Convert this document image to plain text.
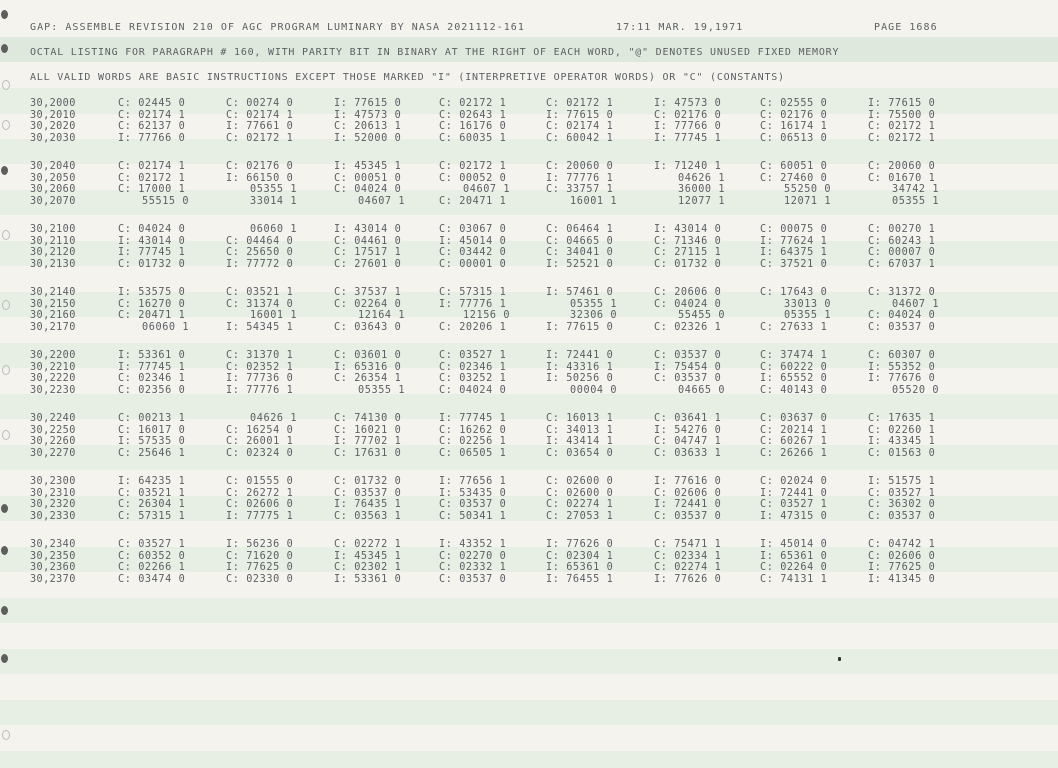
GAP: ASSEMBLE REVISION 210 OF AGC PROGRAM LUMINARY BY NASA 2021112-161

	17:11 MAR. 19,1971

	PAGE 1686

OCTAL LISTING FOR PARAGRAPH # 160, WITH PARITY BIT IN BINARY AT THE RIGHT OF EACH WORD, "@" DENOTES UNUSED FIXED MEMORY
ALL VALID WORDS ARE BASIC INSTRUCTIONS EXCEPT THOSE MARKED "I" (INTERPRETIVE OPERATOR WORDS) OR "C" (CONSTANTS)
30,2000	C: 02445 0	C: 00274 0	I: 77615 0	C: 02172 1	C: 02172 1	I: 47573 0	C: 02555 0	I: 77615 0
30,2010	C: 02174 1	C: 02174 1	I: 47573 0	C: 02643 1	I: 77615 0	C: 02176 0	C: 02176 0	I: 75500 0
30,2020	C: 62137 0	I: 77661 0	C: 20613 1	C: 16176 0	C: 02174 1	I: 77766 0	C: 16174 1	C: 02172 1
30,2030	I: 77766 0	C: 02172 1	I: 52000 0	C: 60035 1	C: 60042 1	I: 77745 1	C: 06513 0	C: 02172 1
30,2040	C: 02174 1	C: 02176 0	I: 45345 1	C: 02172 1	C: 20060 0	I: 71240 1	C: 60051 0	C: 20060 0
30,2050	C: 02172 1	I: 66150 0	C: 00051 0	C: 00052 0	I: 77776 1	04626 1	C: 27460 0	C: 01670 1
30,2060	C: 17000 1	05355 1	C: 04024 0	04607 1	C: 33757 1	36000 1	55250 0	34742 1
30,2070	55515 0	33014 1	04607 1	C: 20471 1	16001 1	12077 1	12071 1	05355 1
30,2100	C: 04024 0	06060 1	I: 43014 0	C: 03067 0	C: 06464 1	I: 43014 0	C: 00075 0	C: 00270 1
30,2110	I: 43014 0	C: 04464 0	C: 04461 0	I: 45014 0	C: 04665 0	C: 71346 0	I: 77624 1	C: 60243 1
30,2120	I: 77745 1	C: 25650 0	C: 17517 1	C: 03442 0	C: 34041 0	C: 27115 1	I: 64375 1	C: 00007 0
30,2130	C: 01732 0	I: 77772 0	C: 27601 0	C: 00001 0	I: 52521 0	C: 01732 0	C: 37521 0	C: 67037 1
30,2140	I: 53575 0	C: 03521 1	C: 37537 1	C: 57315 1	I: 57461 0	C: 20606 0	C: 17643 0	C: 31372 0
30,2150	C: 16270 0	C: 31374 0	C: 02264 0	I: 77776 1	05355 1	C: 04024 0	33013 0	04607 1
30,2160	C: 20471 1	16001 1	12164 1	12156 0	32306 0	55455 0	05355 1	C: 04024 0
30,2170	06060 1	I: 54345 1	C: 03643 0	C: 20206 1	I: 77615 0	C: 02326 1	C: 27633 1	C: 03537 0
30,2200	I: 53361 0	C: 31370 1	C: 03601 0	C: 03527 1	I: 72441 0	C: 03537 0	C: 37474 1	C: 60307 0
30,2210	I: 77745 1	C: 02352 1	I: 65316 0	C: 02346 1	I: 43316 1	I: 75454 0	C: 60222 0	I: 55352 0
30,2220	C: 02346 1	I: 77736 0	C: 26354 1	C: 03252 1	I: 50256 0	C: 03537 0	I: 65552 0	I: 77676 0
30,2230	C: 02356 0	I: 77776 1	05355 1	C: 04024 0	00004 0	04665 0	C: 40143 0	05520 0
30,2240	C: 00213 1	04626 1	C: 74130 0	I: 77745 1	C: 16013 1	C: 03641 1	C: 03637 0	C: 17635 1
30,2250	C: 16017 0	C: 16254 0	C: 16021 0	C: 16262 0	C: 34013 1	I: 54276 0	C: 20214 1	C: 02260 1
30,2260	I: 57535 0	C: 26001 1	I: 77702 1	C: 02256 1	I: 43414 1	C: 04747 1	C: 60267 1	I: 43345 1
30,2270	C: 25646 1	C: 02324 0	C: 17631 0	C: 06505 1	C: 03654 0	C: 03633 1	C: 26266 1	C: 01563 0
30,2300	I: 64235 1	C: 01555 0	C: 01732 0	I: 77656 1	C: 02600 0	I: 77616 0	C: 02024 0	I: 51575 1
30,2310	C: 03521 1	C: 26272 1	C: 03537 0	I: 53435 0	C: 02600 0	C: 02606 0	I: 72441 0	C: 03527 1
30,2320	C: 26304 1	C: 02606 0	I: 76435 1	C: 03537 0	C: 02274 1	I: 72441 0	C: 03527 1	C: 36302 0
30,2330	C: 57315 1	I: 77775 1	C: 03563 1	C: 50341 1	C: 27053 1	C: 03537 0	I: 47315 0	C: 03537 0
30,2340	C: 03527 1	I: 56236 0	C: 02272 1	I: 43352 1	I: 77626 0	C: 75471 1	I: 45014 0	C: 04742 1
30,2350	C: 60352 0	C: 71620 0	I: 45345 1	C: 02270 0	C: 02304 1	C: 02334 1	I: 65361 0	C: 02606 0
30,2360	C: 02266 1	I: 77625 0	C: 02302 1	C: 02332 1	I: 65361 0	C: 02274 1	C: 02264 0	I: 77625 0
30,2370	C: 03474 0	C: 02330 0	I: 53361 0	C: 03537 0	I: 76455 1	I: 77626 0	C: 74131 1	I: 41345 0
